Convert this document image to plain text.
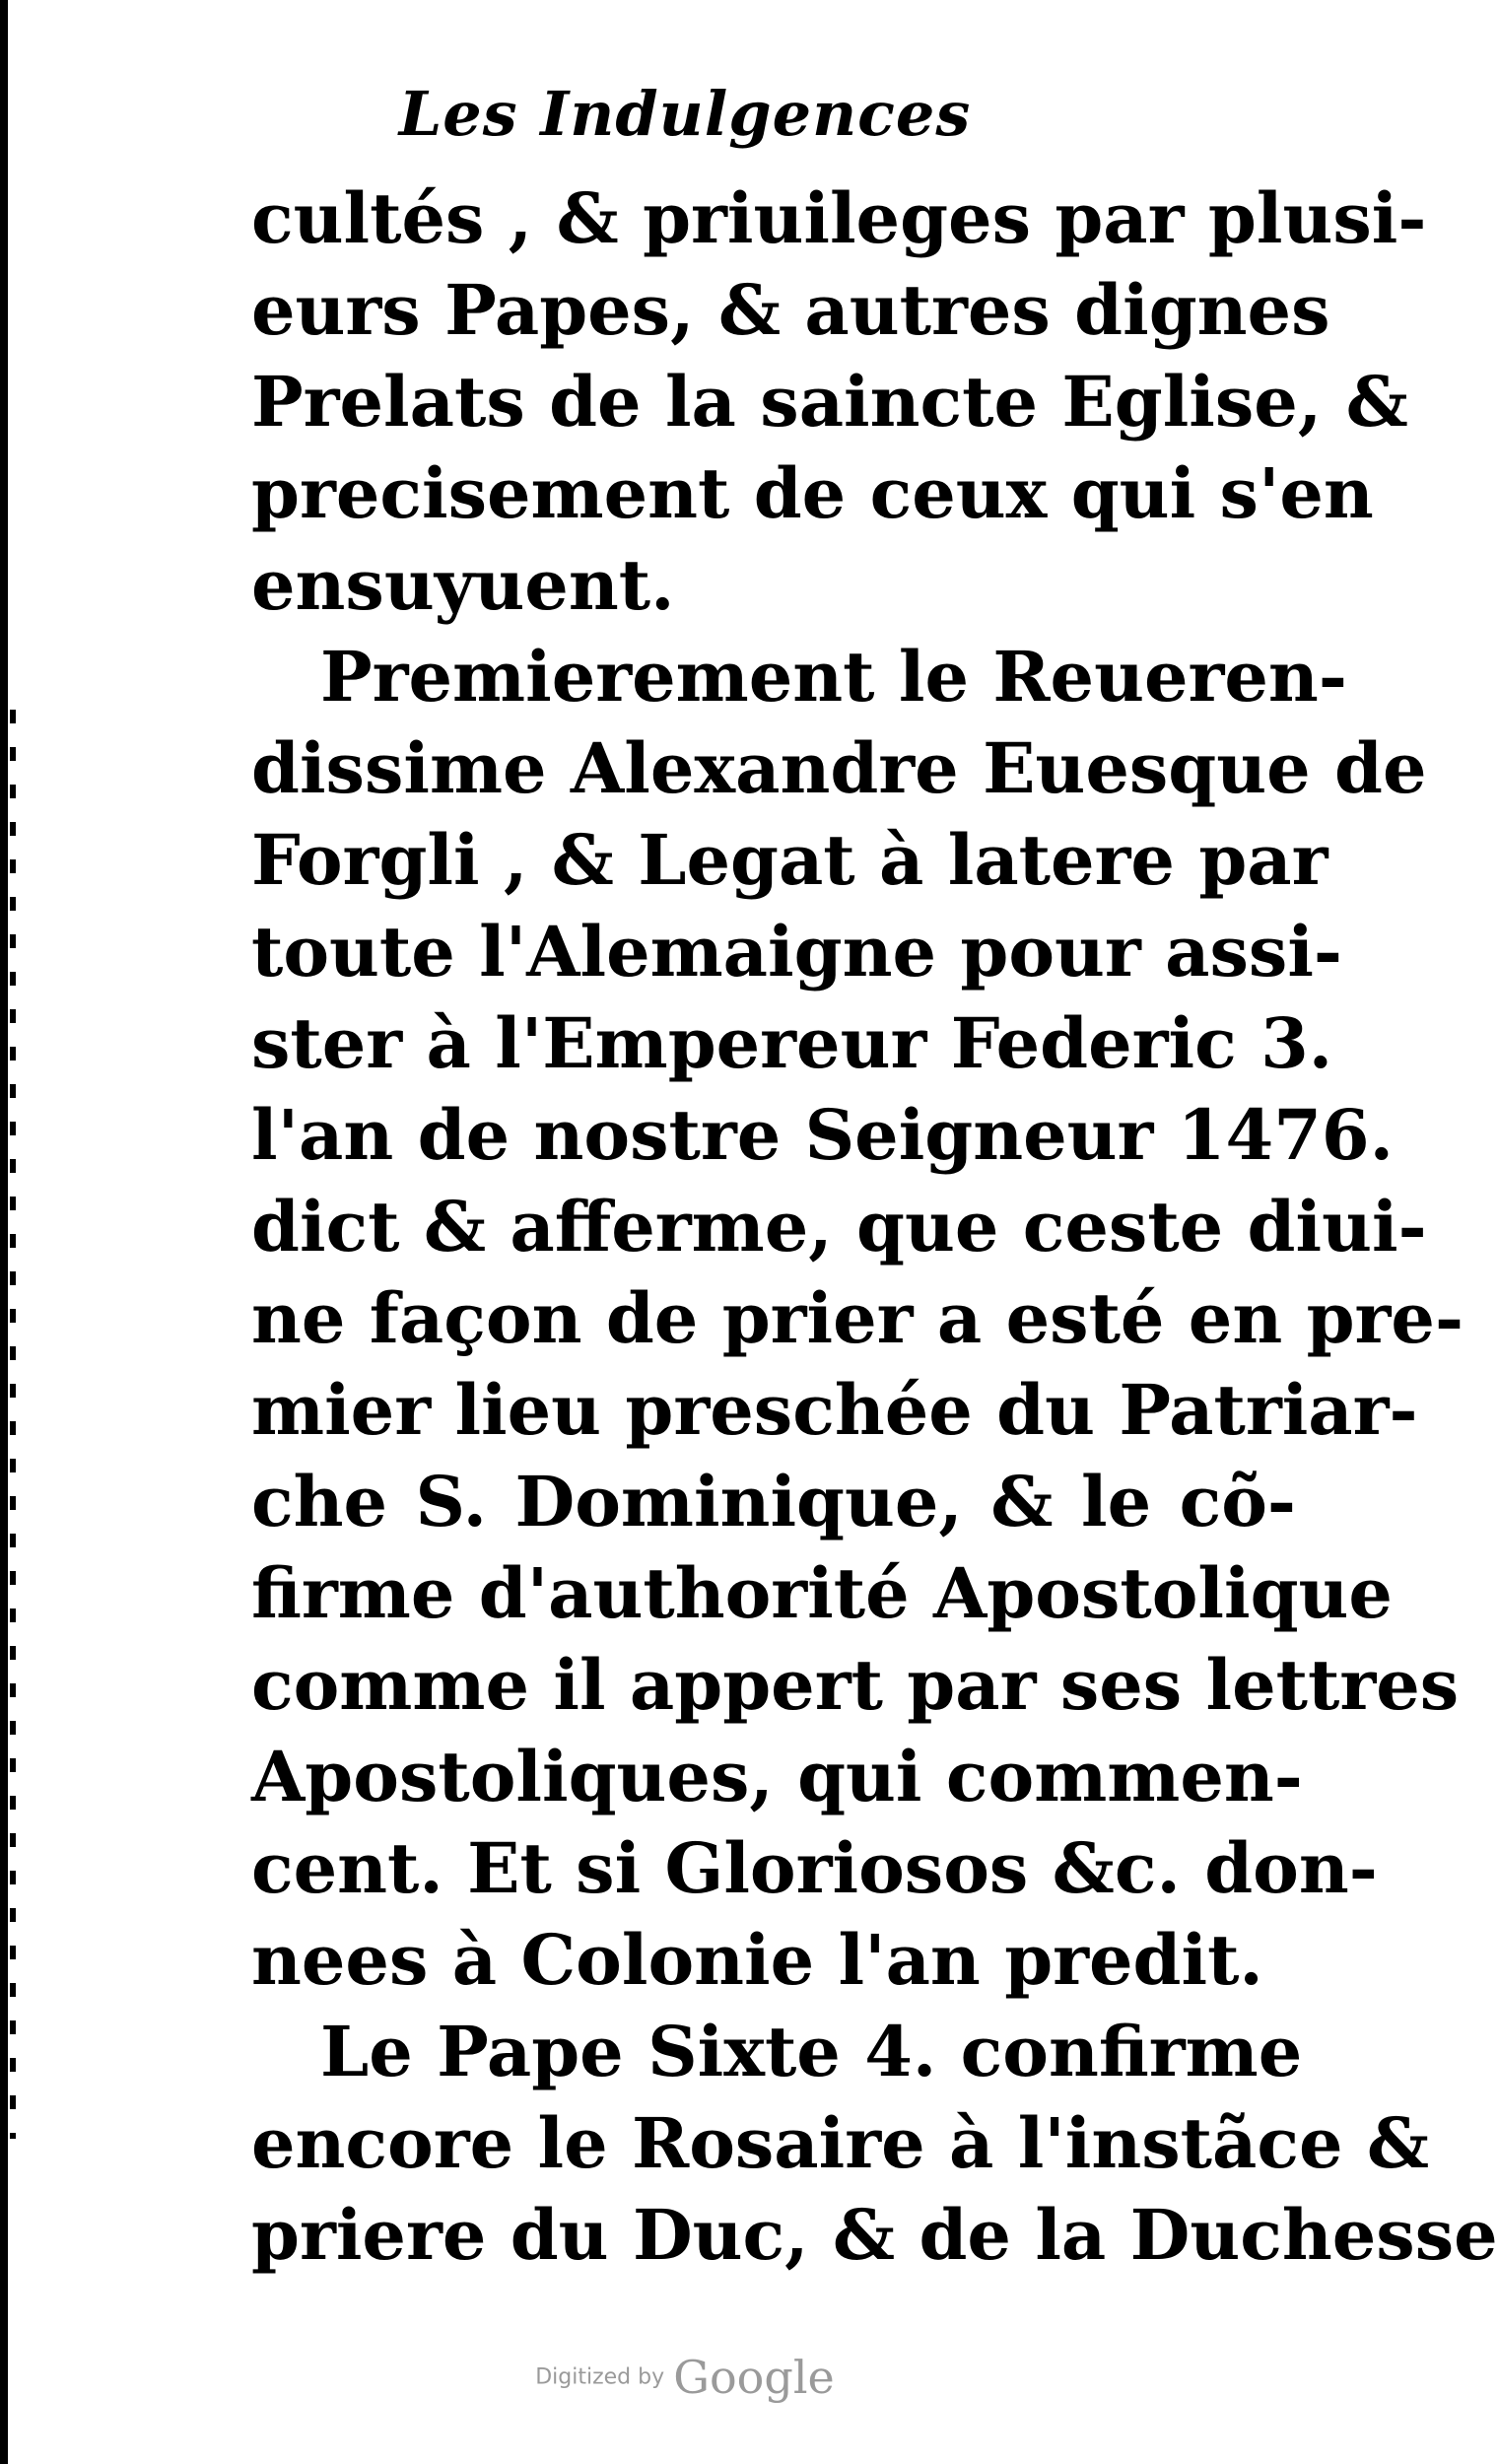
Les Indulgences
cultés , & priuileges par plusi-
eurs Papes, & autres dignes
Prelats de la saincte Eglise, &
precisement de ceux qui s'en
ensuyuent.
Premierement le Reueren-
dissime Alexandre Euesque de
Forgli , & Legat à latere par
toute l'Alemaigne pour assi-
ster à l'Empereur Federic 3.
l'an de nostre Seigneur 1476.
dict & afferme, que ceste diui-
ne façon de prier a esté en pre-
mier lieu preschée du Patriar-
che S. Dominique, & le cõ-
firme d'authorité Apostolique
comme il appert par ses lettres
Apostoliques, qui commen-
cent. Et si Gloriosos &c. don-
nees à Colonie l'an predit.
Le Pape Sixte 4. confirme
encore le Rosaire à l'instãce &
priere du Duc, & de la Duchesse
Digitized by Google
